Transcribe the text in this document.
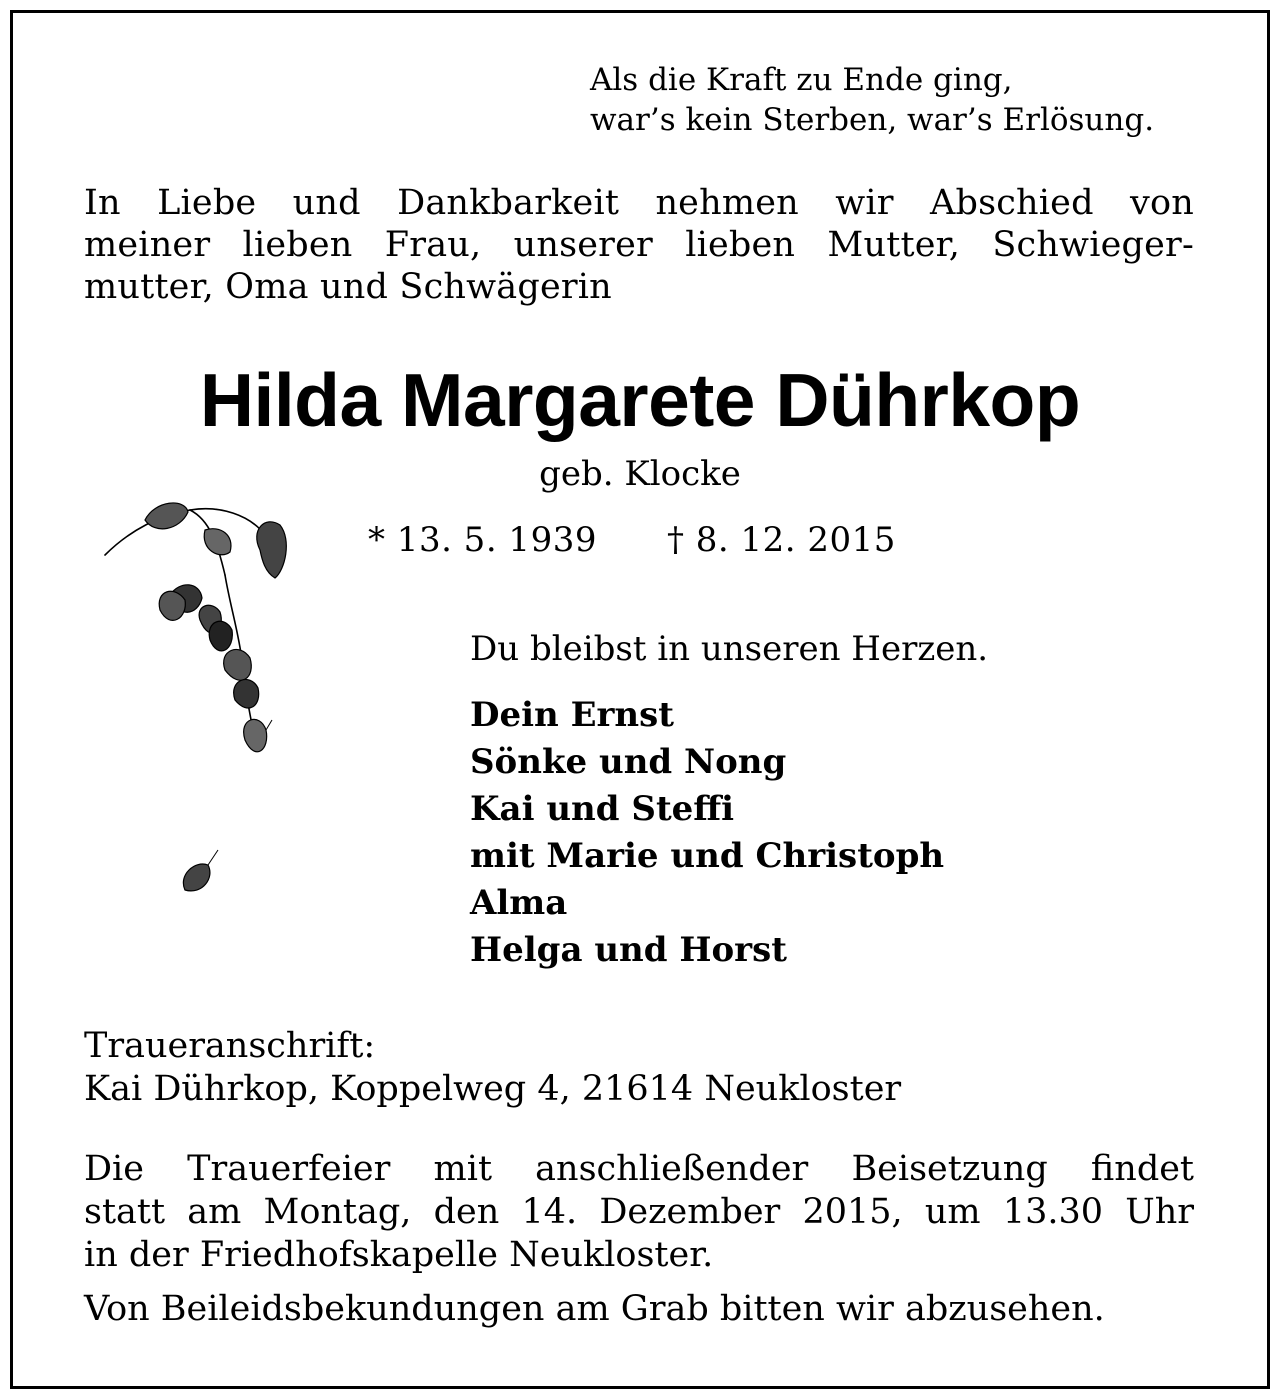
Als die Kraft zu Ende ging,
war’s kein Sterben, war’s Erlösung.
In Liebe und Dankbarkeit nehmen wir Abschied von
meiner lieben Frau, unserer lieben Mutter, Schwieger-
mutter, Oma und Schwägerin
Hilda Margarete Dührkop
geb. Klocke
* 13. 5. 1939 † 8. 12. 2015
Du bleibst in unseren Herzen.
Dein Ernst
Sönke und Nong
Kai und Steffi
mit Marie und Christoph
Alma
Helga und Horst
Traueranschrift:
Kai Dührkop, Koppelweg 4, 21614 Neukloster
Die Trauerfeier mit anschließender Beisetzung findet
statt am Montag, den 14. Dezember 2015, um 13.30 Uhr
in der Friedhofskapelle Neukloster.
Von Beileidsbekundungen am Grab bitten wir abzusehen.
